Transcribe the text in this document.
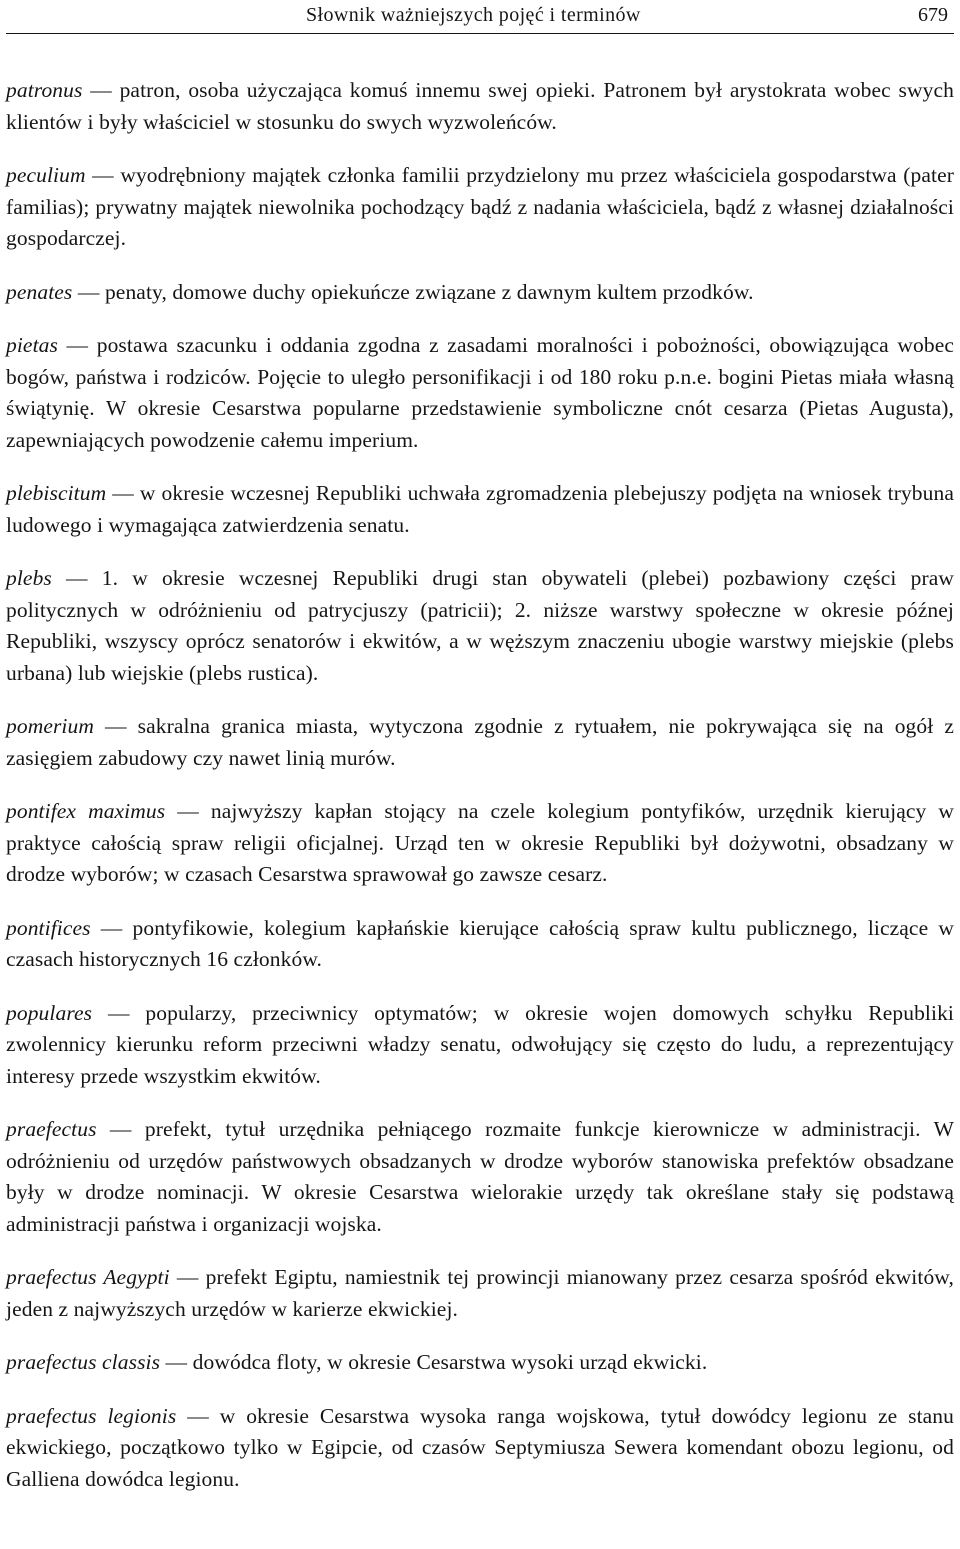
Słownik ważniejszych pojęć i terminów	679

patronus — patron, osoba użyczająca komuś innemu swej opieki. Patronem był arystokrata wobec swych klientów i były właściciel w stosunku do swych wyzwoleńców.

peculium — wyodrębniony majątek członka familii przydzielony mu przez właściciela gospodarstwa (pater familias); prywatny majątek niewolnika pochodzący bądź z nadania właściciela, bądź z własnej działalności gospodarczej.

penates — penaty, domowe duchy opiekuńcze związane z dawnym kultem przodków.

pietas — postawa szacunku i oddania zgodna z zasadami moralności i pobożności, obowiązująca wobec bogów, państwa i rodziców. Pojęcie to uległo personifikacji i od 180 roku p.n.e. bogini Pietas miała własną świątynię. W okresie Cesarstwa popularne przedstawienie symboliczne cnót cesarza (Pietas Augusta), zapewniających powodzenie całemu imperium.

plebiscitum — w okresie wczesnej Republiki uchwała zgromadzenia plebejuszy podjęta na wniosek trybuna ludowego i wymagająca zatwierdzenia senatu.

plebs — 1. w okresie wczesnej Republiki drugi stan obywateli (plebei) pozbawiony części praw politycznych w odróżnieniu od patrycjuszy (patricii); 2. niższe warstwy społeczne w okresie późnej Republiki, wszyscy oprócz senatorów i ekwitów, a w węższym znaczeniu ubogie warstwy miejskie (plebs urbana) lub wiejskie (plebs rustica).

pomerium — sakralna granica miasta, wytyczona zgodnie z rytuałem, nie pokrywająca się na ogół z zasięgiem zabudowy czy nawet linią murów.

pontifex maximus — najwyższy kapłan stojący na czele kolegium pontyfików, urzędnik kierujący w praktyce całością spraw religii oficjalnej. Urząd ten w okresie Republiki był dożywotni, obsadzany w drodze wyborów; w czasach Cesarstwa sprawował go zawsze cesarz.

pontifices — pontyfikowie, kolegium kapłańskie kierujące całością spraw kultu publicznego, liczące w czasach historycznych 16 członków.

populares — popularzy, przeciwnicy optymatów; w okresie wojen domowych schyłku Republiki zwolennicy kierunku reform przeciwni władzy senatu, odwołujący się często do ludu, a reprezentujący interesy przede wszystkim ekwitów.

praefectus — prefekt, tytuł urzędnika pełniącego rozmaite funkcje kierownicze w administracji. W odróżnieniu od urzędów państwowych obsadzanych w drodze wyborów stanowiska prefektów obsadzane były w drodze nominacji. W okresie Cesarstwa wielorakie urzędy tak określane stały się podstawą administracji państwa i organizacji wojska.

praefectus Aegypti — prefekt Egiptu, namiestnik tej prowincji mianowany przez cesarza spośród ekwitów, jeden z najwyższych urzędów w karierze ekwickiej.

praefectus classis — dowódca floty, w okresie Cesarstwa wysoki urząd ekwicki.

praefectus legionis — w okresie Cesarstwa wysoka ranga wojskowa, tytuł dowódcy legionu ze stanu ekwickiego, początkowo tylko w Egipcie, od czasów Septymiusza Sewera komendant obozu legionu, od Galliena dowódca legionu.
